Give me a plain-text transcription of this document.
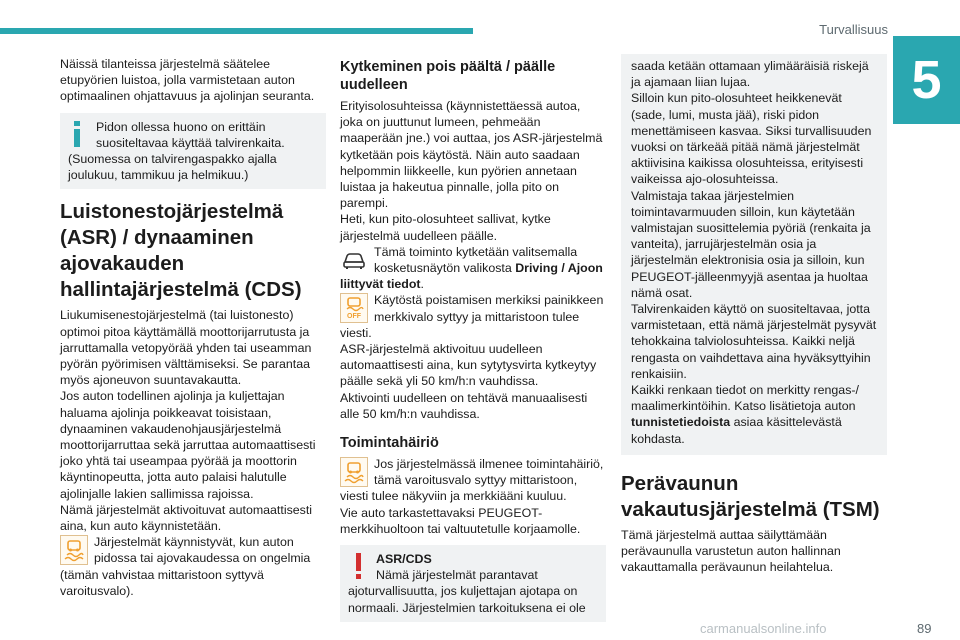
Turvallisuus
5

Näissä tilanteissa järjestelmä säätelee etupyörien luistoa, jolla varmistetaan auton optimaalinen ohjattavuus ja ajolinjan seuranta.

Pidon ollessa huono on erittäin suositeltavaa käyttää talvirenkaita. (Suomessa on talvirengaspakko ajalla joulukuu, tammikuu ja helmikuu.)
Luistonestojärjestelmä (ASR) / dynaaminen ajovakauden hallintajärjestelmä (CDS)

Liukumisenestojärjestelmä (tai luistonesto) optimoi pitoa käyttämällä moottorijarrutusta ja jarruttamalla vetopyörää yhden tai useamman pyörän pyörimisen välttämiseksi. Se parantaa myös ajoneuvon suuntavakautta.

Jos auton todellinen ajolinja ja kuljettajan haluama ajolinja poikkeavat toisistaan, dynaaminen vakaudenohjausjärjestelmä moottorijarruttaa sekä jarruttaa automaattisesti joko yhtä tai useampaa pyörää ja moottorin käyntinopeutta, jotta auto palaisi halutulle ajolinjalle lakien sallimissa rajoissa.

Nämä järjestelmät aktivoituvat automaattisesti aina, kun auto käynnistetään.

Järjestelmät käynnistyvät, kun auton pidossa tai ajovakaudessa on ongelmia (tämän vahvistaa mittaristoon syttyvä varoitusvalo).

Kytkeminen pois päältä / päälle uudelleen

Erityisolosuhteissa (käynnistettäessä autoa, joka on juuttunut lumeen, pehmeään maaperään jne.) voi auttaa, jos ASR-järjestelmä kytketään pois käytöstä. Näin auto saadaan helpommin liikkeelle, kun pyörien annetaan luistaa ja hakeutua pinnalle, jolla pito on parempi.

Heti, kun pito-olosuhteet sallivat, kytke järjestelmä uudelleen päälle.

Tämä toiminto kytketään valitsemalla kosketusnäytön valikosta Driving / Ajoon liittyvät tiedot.

OFF

Käytöstä poistamisen merkiksi painikkeen merkkivalo syttyy ja mittaristoon tulee viesti.

ASR-järjestelmä aktivoituu uudelleen automaattisesti aina, kun sytytysvirta kytkeytyy päälle sekä yli 50 km/h:n vauhdissa.

Aktivointi uudelleen on tehtävä manuaalisesti alle 50 km/h:n vauhdissa.

Toimintahäiriö

Jos järjestelmässä ilmenee toimintahäiriö, tämä varoitusvalo syttyy mittaristoon, viesti tulee näkyviin ja merkkiääni kuuluu.

Vie auto tarkastettavaksi PEUGEOT-merkkihuoltoon tai valtuutetulle korjaamolle.

ASR/CDS

Nämä järjestelmät parantavat ajoturvallisuutta, jos kuljettajan ajotapa on normaali. Järjestelmien tarkoituksena ei ole

saada ketään ottamaan ylimääräisiä riskejä ja ajamaan liian lujaa.

Silloin kun pito-olosuhteet heikkenevät (sade, lumi, musta jää), riski pidon menettämiseen kasvaa. Siksi turvallisuuden vuoksi on tärkeää pitää nämä järjestelmät aktiivisina kaikissa olosuhteissa, erityisesti vaikeissa ajo-olosuhteissa.

Valmistaja takaa järjestelmien toimintavarmuuden silloin, kun käytetään valmistajan suosittelemia pyöriä (renkaita ja vanteita), jarrujärjestelmän osia ja järjestelmän elektronisia osia ja silloin, kun PEUGEOT-jälleenmyyjä asentaa ja huoltaa nämä osat.

Talvirenkaiden käyttö on suositeltavaa, jotta varmistetaan, että nämä järjestelmät pysyvät tehokkaina talviolosuhteissa. Kaikki neljä rengasta on vaihdettava aina hyväksyttyihin renkaisiin.

Kaikki renkaan tiedot on merkitty rengas-/ maalimerkintöihin. Katso lisätietoja auton tunnistetiedoista asiaa käsittelevästä kohdasta.

Perävaunun vakautusjärjestelmä (TSM)

Tämä järjestelmä auttaa säilyttämään perävaunulla varustetun auton hallinnan vakauttamalla perävaunun heilahtelua.

carmanualsonline.info	89
